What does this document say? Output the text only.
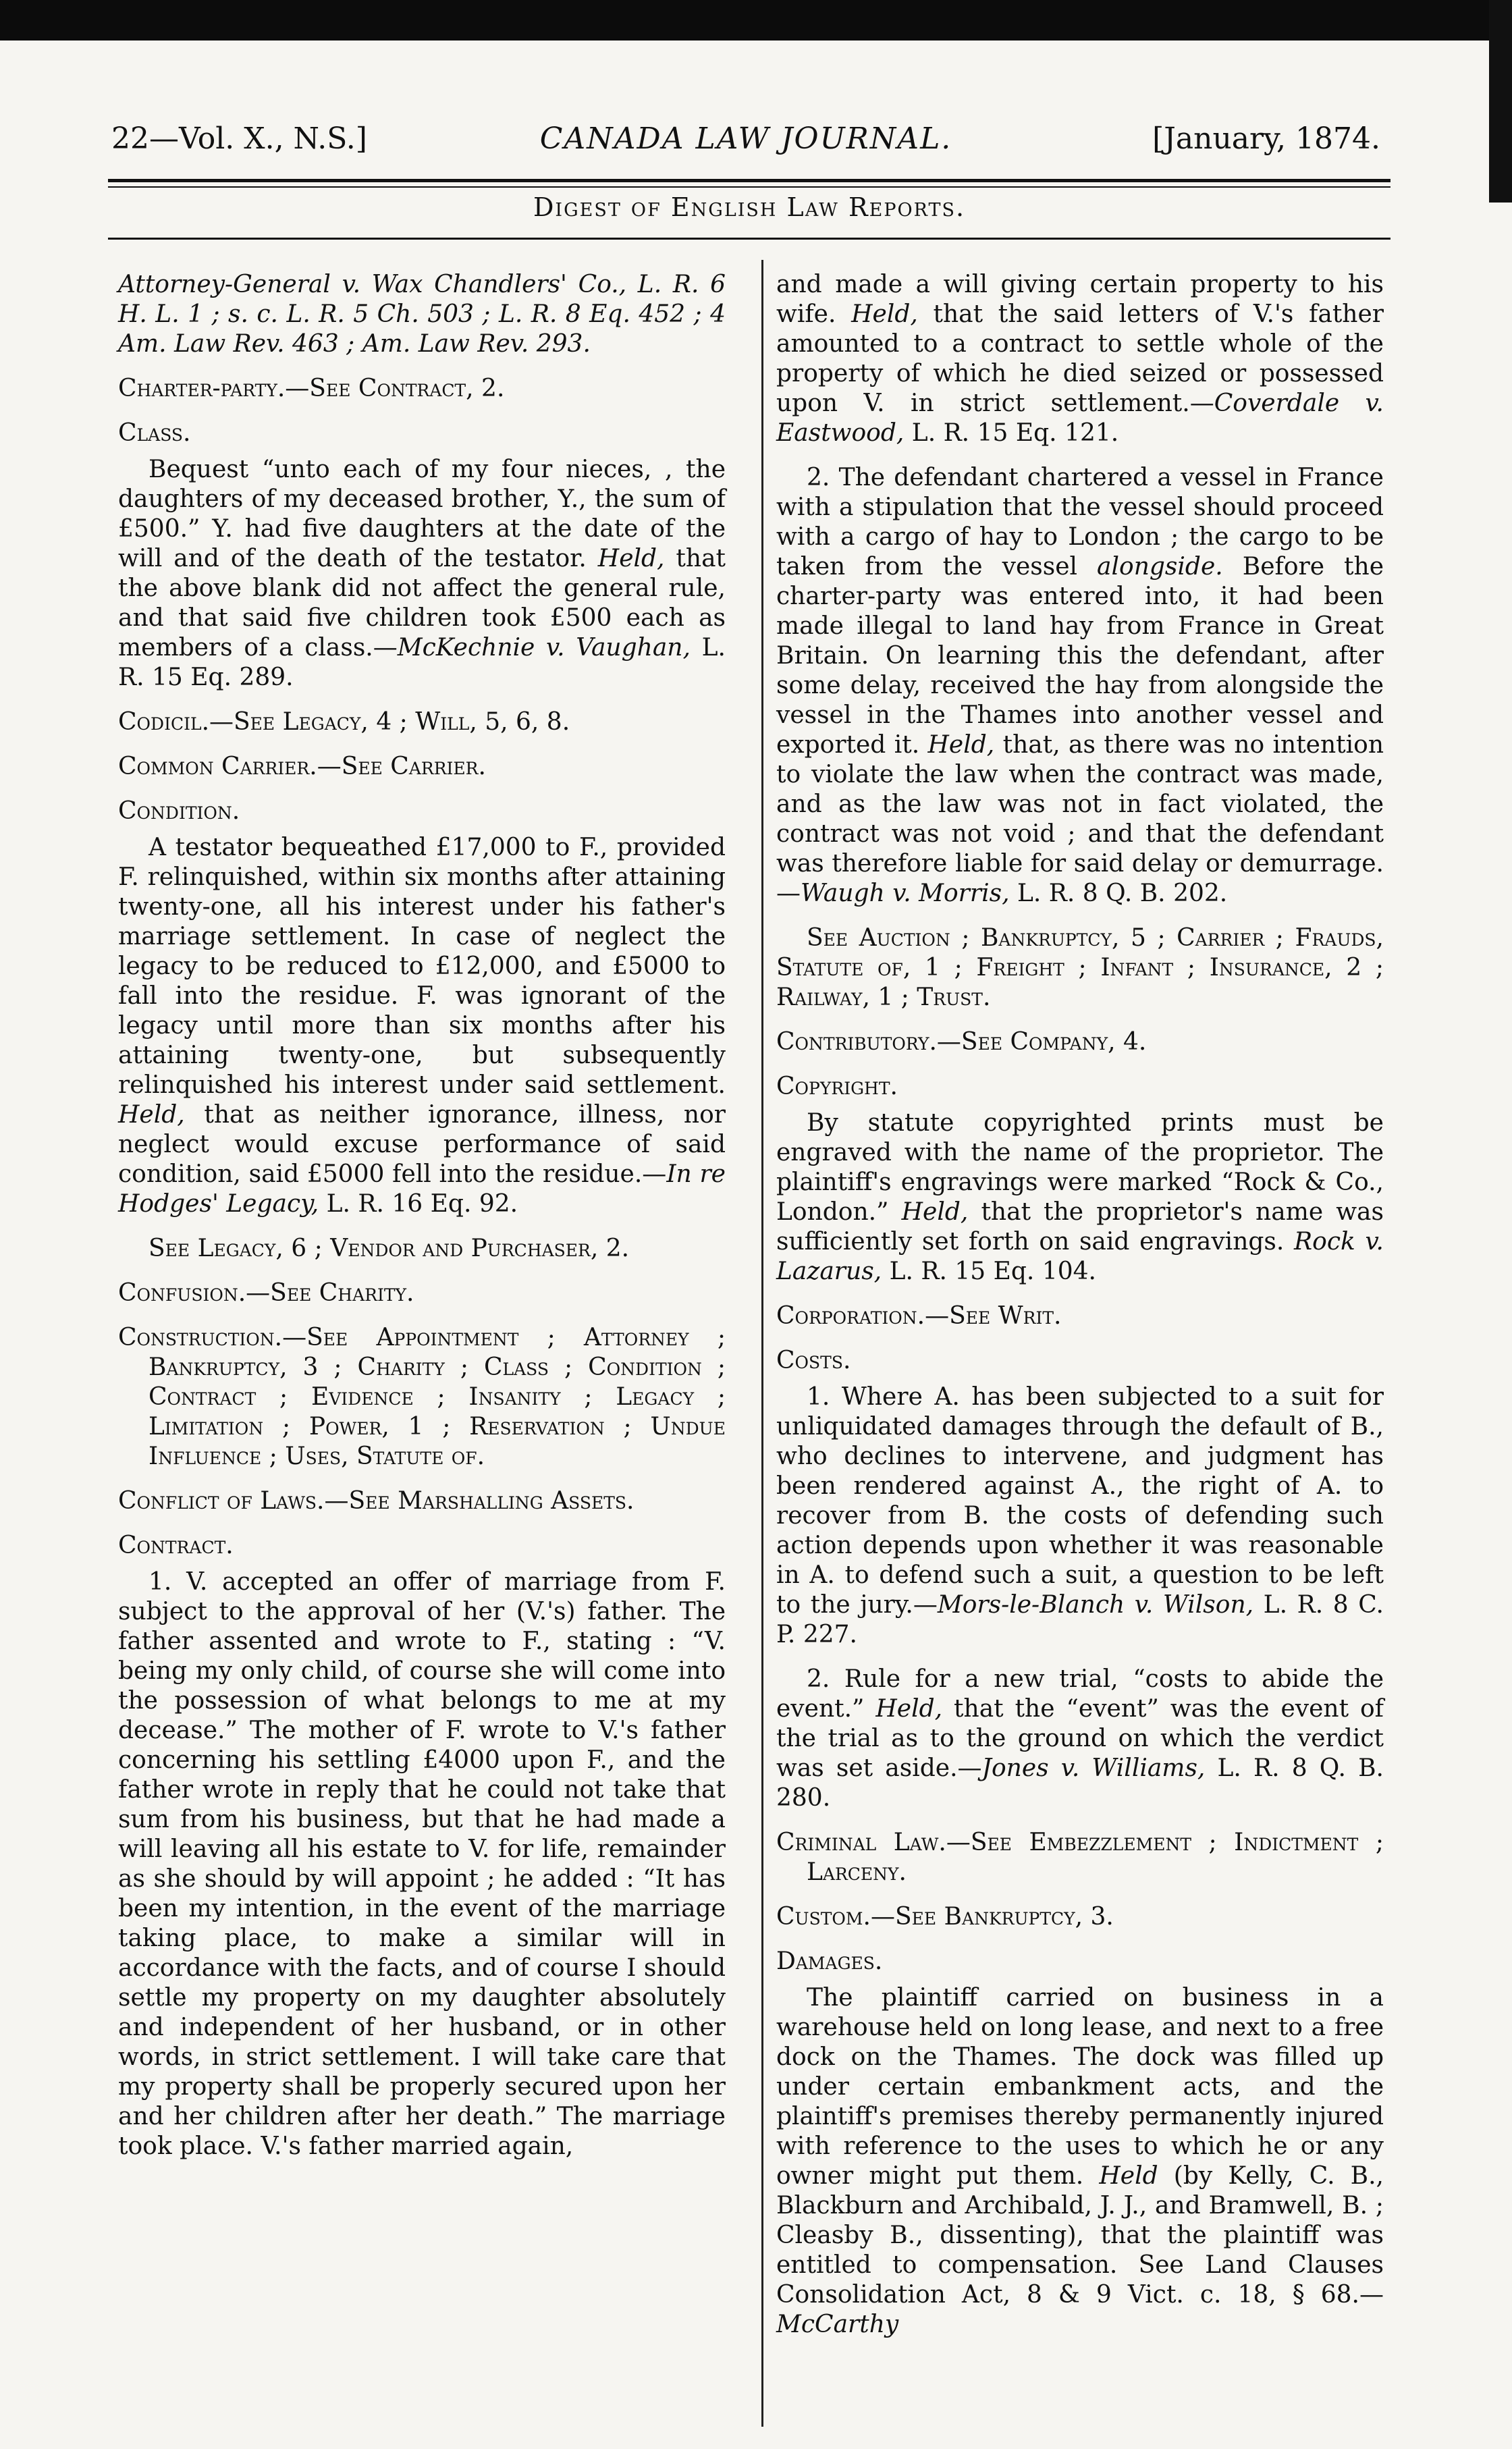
22—Vol. X., N.S.]	CANADA LAW JOURNAL.	[January, 1874.
Digest of English Law Reports.

Attorney-General v. Wax Chandlers' Co., L. R. 6 H. L. 1 ; s. c. L. R. 5 Ch. 503 ; L. R. 8 Eq. 452 ; 4 Am. Law Rev. 463 ; Am. Law Rev. 293.

Charter-party.—See Contract, 2.

Class.

Bequest “unto each of my four nieces, , the daughters of my deceased brother, Y., the sum of £500.” Y. had five daughters at the date of the will and of the death of the testator. Held, that the above blank did not affect the general rule, and that said five children took £500 each as members of a class.—McKechnie v. Vaughan, L. R. 15 Eq. 289.

Codicil.—See Legacy, 4 ; Will, 5, 6, 8.

Common Carrier.—See Carrier.

Condition.

A testator bequeathed £17,000 to F., provided F. relinquished, within six months after attaining twenty-one, all his interest under his father's marriage settlement. In case of neglect the legacy to be reduced to £12,000, and £5000 to fall into the residue. F. was ignorant of the legacy until more than six months after his attaining twenty-one, but subsequently relinquished his interest under said settlement. Held, that as neither ignorance, illness, nor neglect would excuse performance of said condition, said £5000 fell into the residue.—In re Hodges' Legacy, L. R. 16 Eq. 92.

See Legacy, 6 ; Vendor and Purchaser, 2.

Confusion.—See Charity.

Construction.—See Appointment ; Attorney ; Bankruptcy, 3 ; Charity ; Class ; Condition ; Contract ; Evidence ; Insanity ; Legacy ; Limitation ; Power, 1 ; Reservation ; Undue Influence ; Uses, Statute of.

Conflict of Laws.—See Marshalling Assets.

Contract.

1. V. accepted an offer of marriage from F. subject to the approval of her (V.'s) father. The father assented and wrote to F., stating : “V. being my only child, of course she will come into the possession of what belongs to me at my decease.” The mother of F. wrote to V.'s father concerning his settling £4000 upon F., and the father wrote in reply that he could not take that sum from his business, but that he had made a will leaving all his estate to V. for life, remainder as she should by will appoint ; he added : “It has been my intention, in the event of the marriage taking place, to make a similar will in accordance with the facts, and of course I should settle my property on my daughter absolutely and independent of her husband, or in other words, in strict settlement. I will take care that my property shall be properly secured upon her and her children after her death.” The marriage took place. V.'s father married again,

and made a will giving certain property to his wife. Held, that the said letters of V.'s father amounted to a contract to settle whole of the property of which he died seized or possessed upon V. in strict settlement.—Coverdale v. Eastwood, L. R. 15 Eq. 121.

2. The defendant chartered a vessel in France with a stipulation that the vessel should proceed with a cargo of hay to London ; the cargo to be taken from the vessel alongside. Before the charter-party was entered into, it had been made illegal to land hay from France in Great Britain. On learning this the defendant, after some delay, received the hay from alongside the vessel in the Thames into another vessel and exported it. Held, that, as there was no intention to violate the law when the contract was made, and as the law was not in fact violated, the contract was not void ; and that the defendant was therefore liable for said delay or demurrage.—Waugh v. Morris, L. R. 8 Q. B. 202.

See Auction ; Bankruptcy, 5 ; Carrier ; Frauds, Statute of, 1 ; Freight ; Infant ; Insurance, 2 ; Railway, 1 ; Trust.

Contributory.—See Company, 4.

Copyright.

By statute copyrighted prints must be engraved with the name of the proprietor. The plaintiff's engravings were marked “Rock & Co., London.” Held, that the proprietor's name was sufficiently set forth on said engravings. Rock v. Lazarus, L. R. 15 Eq. 104.

Corporation.—See Writ.

Costs.

1. Where A. has been subjected to a suit for unliquidated damages through the default of B., who declines to intervene, and judgment has been rendered against A., the right of A. to recover from B. the costs of defending such action depends upon whether it was reasonable in A. to defend such a suit, a question to be left to the jury.—Mors-le-Blanch v. Wilson, L. R. 8 C. P. 227.

2. Rule for a new trial, “costs to abide the event.” Held, that the “event” was the event of the trial as to the ground on which the verdict was set aside.—Jones v. Williams, L. R. 8 Q. B. 280.

Criminal Law.—See Embezzlement ; Indictment ; Larceny.

Custom.—See Bankruptcy, 3.

Damages.

The plaintiff carried on business in a warehouse held on long lease, and next to a free dock on the Thames. The dock was filled up under certain embankment acts, and the plaintiff's premises thereby permanently injured with reference to the uses to which he or any owner might put them. Held (by Kelly, C. B., Blackburn and Archibald, J. J., and Bramwell, B. ; Cleasby B., dissenting), that the plaintiff was entitled to compensation. See Land Clauses Consolidation Act, 8 & 9 Vict. c. 18, § 68.—McCarthy
